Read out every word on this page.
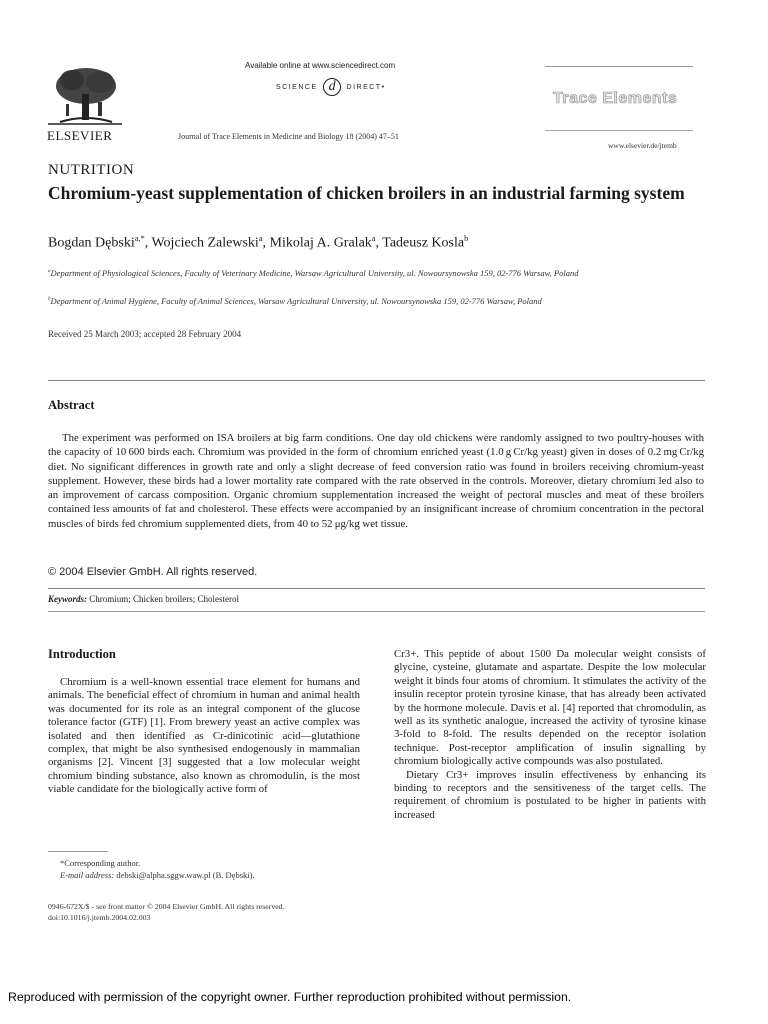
Available online at www.sciencedirect.com
SCIENCE d DIRECT•
ELSEVIER	Journal of Trace Elements in Medicine and Biology 18 (2004) 47–51
Trace Elements
www.elsevier.de/jtemb
NUTRITION
Chromium-yeast supplementation of chicken broilers in an industrial farming system
Bogdan Dębski$^{a,*}$, Wojciech Zalewski$^a$, Mikolaj A. Gralak$^a$, Tadeusz Kosla$^b$
$^a$Department of Physiological Sciences, Faculty of Veterinary Medicine, Warsaw Agricultural University, ul. Nowoursynowska 159, 02-776 Warsaw, Poland
$^b$Department of Animal Hygiene, Faculty of Animal Sciences, Warsaw Agricultural University, ul. Nowoursynowska 159, 02-776 Warsaw, Poland
Received 25 March 2003; accepted 28 February 2004
Abstract
The experiment was performed on ISA broilers at big farm conditions. One day old chickens were randomly assigned to two poultry-houses with the capacity of 10 600 birds each. Chromium was provided in the form of chromium enriched yeast (1.0 g Cr/kg yeast) given in doses of 0.2 mg Cr/kg diet. No significant differences in growth rate and only a slight decrease of feed conversion ratio was found in broilers receiving chromium-yeast supplement. However, these birds had a lower mortality rate compared with the rate observed in the controls. Moreover, dietary chromium led also to an improvement of carcass composition. Organic chromium supplementation increased the weight of pectoral muscles and meat of these broilers contained less amounts of fat and cholesterol. These effects were accompanied by an insignificant increase of chromium concentration in the pectoral muscles of birds fed chromium supplemented diets, from 40 to 52 μg/kg wet tissue.
© 2004 Elsevier GmbH. All rights reserved.
Keywords: Chromium; Chicken broilers; Cholesterol
Introduction

Chromium is a well-known essential trace element for humans and animals. The beneficial effect of chromium in human and animal health was documented for its role as an integral component of the glucose tolerance factor (GTF) [1]. From brewery yeast an active complex was isolated and then identified as Cr-dinicotinic acid—glutathione complex, that might be also synthesised endogenously in mammalian organisms [2]. Vincent [3] suggested that a low molecular weight chromium binding substance, also known as chromodulin, is the most viable candidate for the biologically active form of

Cr3+. This peptide of about 1500 Da molecular weight consists of glycine, cysteine, glutamate and aspartate. Despite the low molecular weight it binds four atoms of chromium. It stimulates the activity of the insulin receptor protein tyrosine kinase, that has already been activated by the hormone molecule. Davis et al. [4] reported that chromodulin, as well as its synthetic analogue, increased the activity of tyrosine kinase 3-fold to 8-fold. The results depended on the receptor isolation technique. Post-receptor amplification of insulin signalling by chromium biologically active compounds was also postulated.

Dietary Cr3+ improves insulin effectiveness by enhancing its binding to receptors and the sensitiveness of the target cells. The requirement of chromium is postulated to be higher in patients with increased

*Corresponding author.
E-mail address: debski@alpha.sggw.waw.pl (B. Dębski).
0946-672X/$ - see front matter © 2004 Elsevier GmbH. All rights reserved.
doi:10.1016/j.jtemb.2004.02.003
Reproduced with permission of the copyright owner. Further reproduction prohibited without permission.
